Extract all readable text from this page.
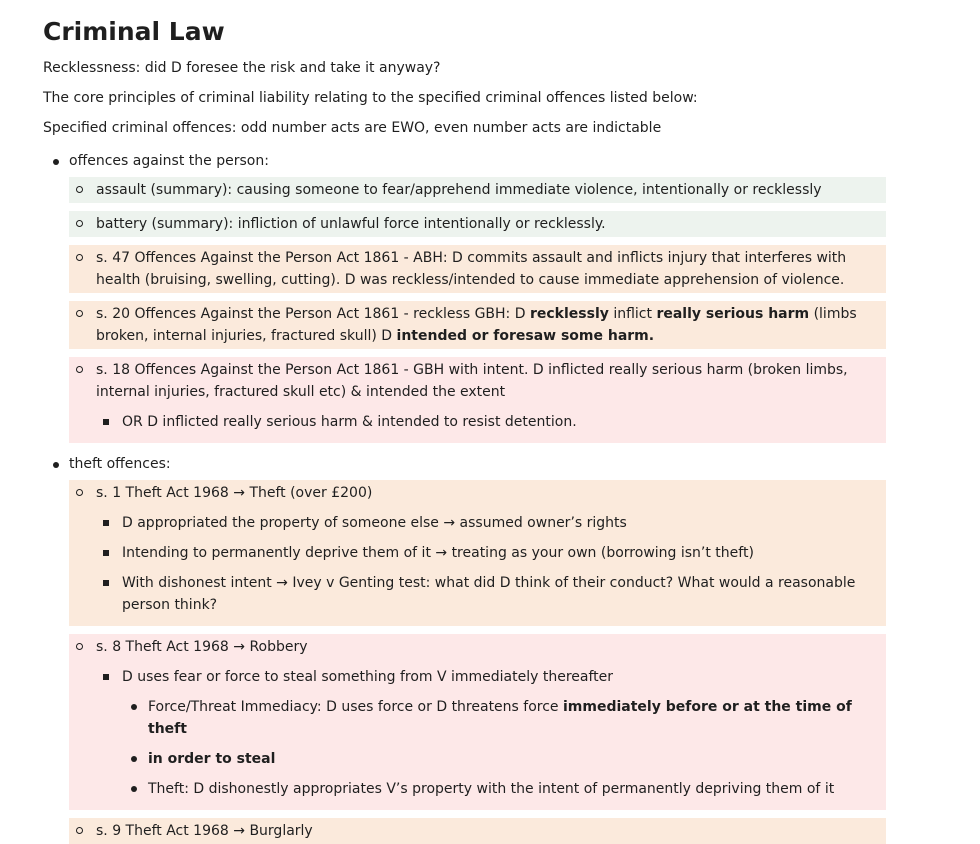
Criminal Law

Recklessness: did D foresee the risk and take it anyway?

The core principles of criminal liability relating to the specified criminal offences listed below:

Specified criminal offences: odd number acts are EWO, even number acts are indictable

offences against the person:
assault (summary): causing someone to fear/apprehend immediate violence, intentionally or recklessly
battery (summary): infliction of unlawful force intentionally or recklessly.
s. 47 Offences Against the Person Act 1861 - ABH: D commits assault and inflicts injury that interferes with health (bruising, swelling, cutting). D was reckless/intended to cause immediate apprehension of violence.
s. 20 Offences Against the Person Act 1861 - reckless GBH: D recklessly inflict really serious harm (limbs broken, internal injuries, fractured skull) D intended or foresaw some harm.
s. 18 Offences Against the Person Act 1861 - GBH with intent. D inflicted really serious harm (broken limbs, internal injuries, fractured skull etc) & intended the extent
OR D inflicted really serious harm & intended to resist detention.
theft offences:
s. 1 Theft Act 1968 → Theft (over £200)
D appropriated the property of someone else → assumed owner’s rights
Intending to permanently deprive them of it → treating as your own (borrowing isn’t theft)
With dishonest intent → Ivey v Genting test: what did D think of their conduct? What would a reasonable person think?
s. 8 Theft Act 1968 → Robbery
D uses fear or force to steal something from V immediately thereafter
Force/Threat Immediacy: D uses force or D threatens force immediately before or at the time of theft
in order to steal
Theft: D dishonestly appropriates V’s property with the intent of permanently depriving them of it
s. 9 Theft Act 1968 → Burglarly
